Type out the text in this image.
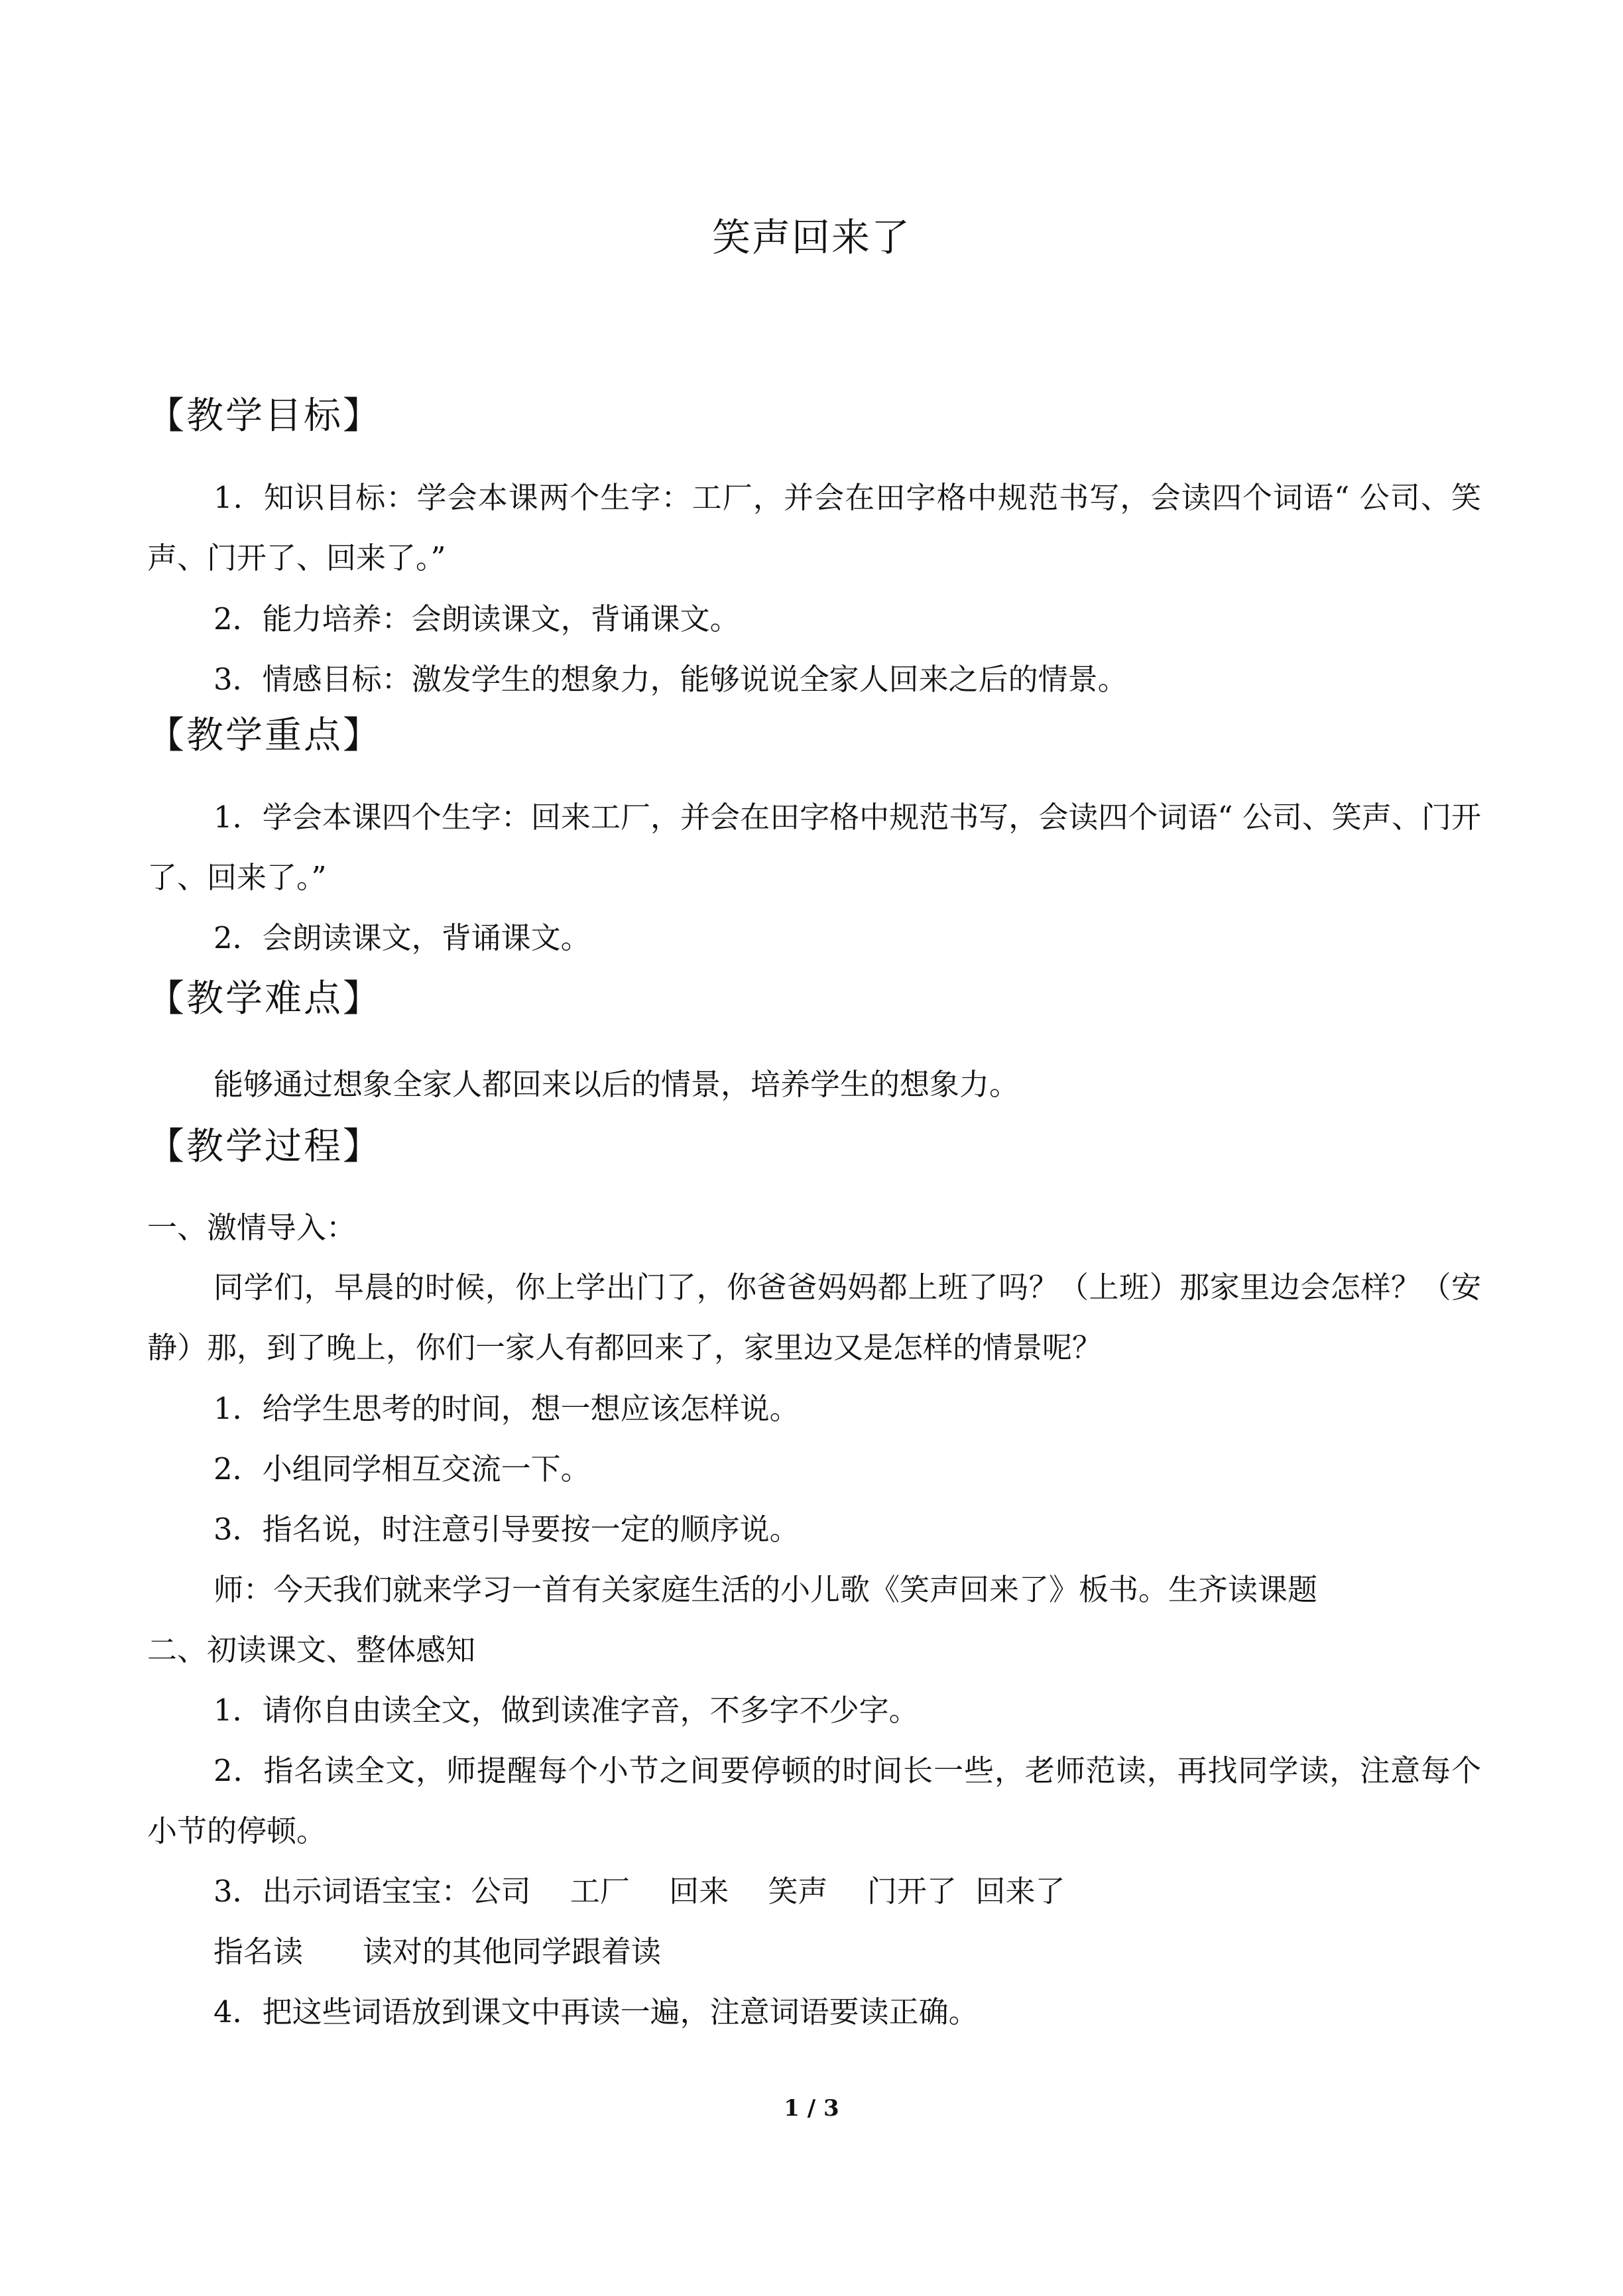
笑声回来了
【教学目标】

1．知识目标：学会本课两个生字：工厂，并会在田字格中规范书写，会读四个词语“ 公司、笑声、门开了、回来了。”

2．能力培养：会朗读课文，背诵课文。
3．情感目标：激发学生的想象力，能够说说全家人回来之后的情景。
【教学重点】

1．学会本课四个生字：回来工厂，并会在田字格中规范书写，会读四个词语“ 公司、笑声、门开了、回来了。”

2．会朗读课文，背诵课文。
【教学难点】
能够通过想象全家人都回来以后的情景，培养学生的想象力。
【教学过程】
一、激情导入：

同学们，早晨的时候，你上学出门了，你爸爸妈妈都上班了吗？（上班）那家里边会怎样？（安静）那，到了晚上，你们一家人有都回来了，家里边又是怎样的情景呢？

1．给学生思考的时间，想一想应该怎样说。
2．小组同学相互交流一下。
3．指名说，时注意引导要按一定的顺序说。
师：今天我们就来学习一首有关家庭生活的小儿歌《笑声回来了》板书。生齐读课题
二、初读课文、整体感知
1．请你自由读全文，做到读准字音，不多字不少字。

2．指名读全文，师提醒每个小节之间要停顿的时间长一些，老师范读，再找同学读，注意每个小节的停顿。

3．出示词语宝宝：公司　 工厂　 回来　 笑声　 门开了  回来了
指名读　　读对的其他同学跟着读
4．把这些词语放到课文中再读一遍，注意词语要读正确。
1 / 3
